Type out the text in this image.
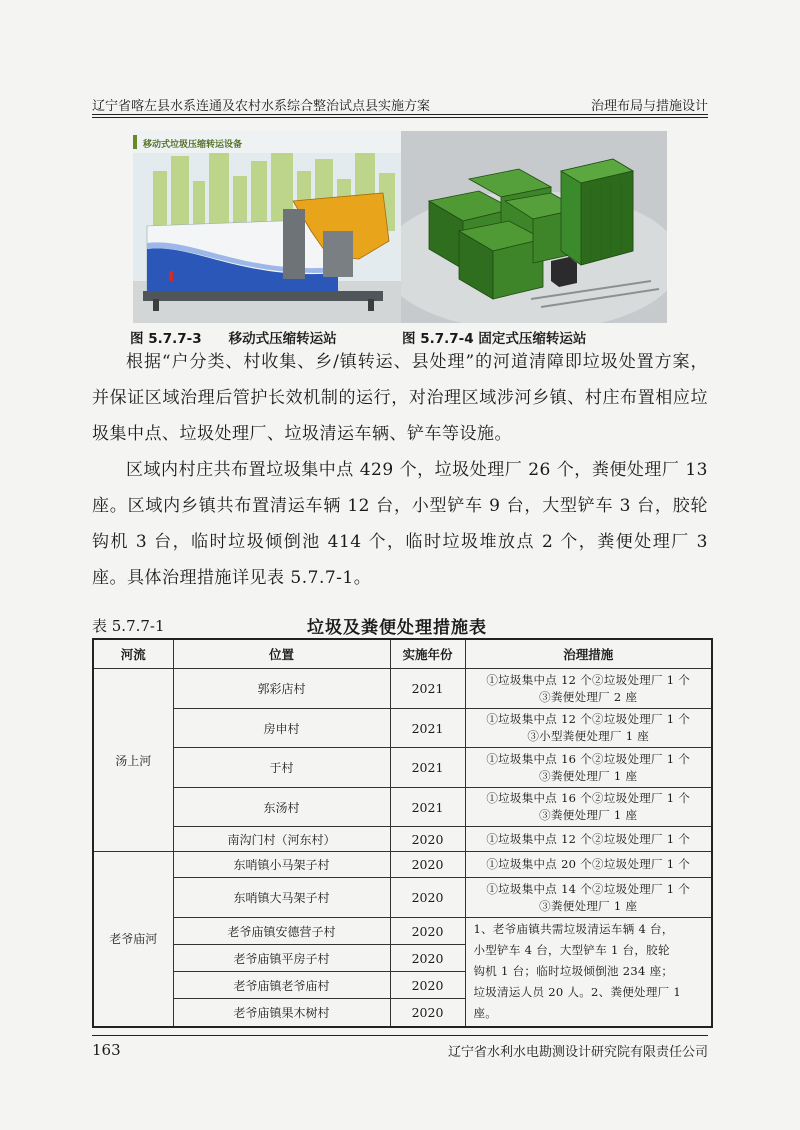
辽宁省喀左县水系连通及农村水系综合整治试点县实施方案	治理布局与措施设计
移动式垃圾压缩转运设备
图 5.7.7-3　　移动式压缩转运站	图 5.7.7-4 固定式压缩转运站

根据“户分类、村收集、乡/镇转运、县处理”的河道清障即垃圾处置方案，并保证区域治理后管护长效机制的运行，对治理区域涉河乡镇、村庄布置相应垃圾集中点、垃圾处理厂、垃圾清运车辆、铲车等设施。

区域内村庄共布置垃圾集中点 429 个，垃圾处理厂 26 个，粪便处理厂 13 座。区域内乡镇共布置清运车辆 12 台，小型铲车 9 台，大型铲车 3 台，胶轮钩机 3 台，临时垃圾倾倒池 414 个，临时垃圾堆放点 2 个，粪便处理厂 3 座。具体治理措施详见表 5.7.7-1。

表 5.7.7-1	垃圾及粪便处理措施表
河流	位置	实施年份	治理措施
汤上河	郭彩店村	2021	①垃圾集中点 12 个②垃圾处理厂 1 个
③粪便处理厂 2 座

	房申村	2021	①垃圾集中点 12 个②垃圾处理厂 1 个
③小型粪便处理厂 1 座

	于村	2021	①垃圾集中点 16 个②垃圾处理厂 1 个
③粪便处理厂 1 座

	东汤村	2021	①垃圾集中点 16 个②垃圾处理厂 1 个
③粪便处理厂 1 座

	南沟门村（河东村）	2020	①垃圾集中点 12 个②垃圾处理厂 1 个

老爷庙河	东哨镇小马架子村	2020	①垃圾集中点 20 个②垃圾处理厂 1 个

	东哨镇大马架子村	2020	①垃圾集中点 14 个②垃圾处理厂 1 个
③粪便处理厂 1 座

	老爷庙镇安德营子村	2020	1、老爷庙镇共需垃圾清运车辆 4 台，
小型铲车 4 台，大型铲车 1 台，胶轮
钩机 1 台；临时垃圾倾倒池 234 座；
垃圾清运人员 20 人。2、粪便处理厂 1
座。

	老爷庙镇平房子村	2020	
	老爷庙镇老爷庙村	2020	
	老爷庙镇果木树村	2020	
163	辽宁省水利水电勘测设计研究院有限责任公司
